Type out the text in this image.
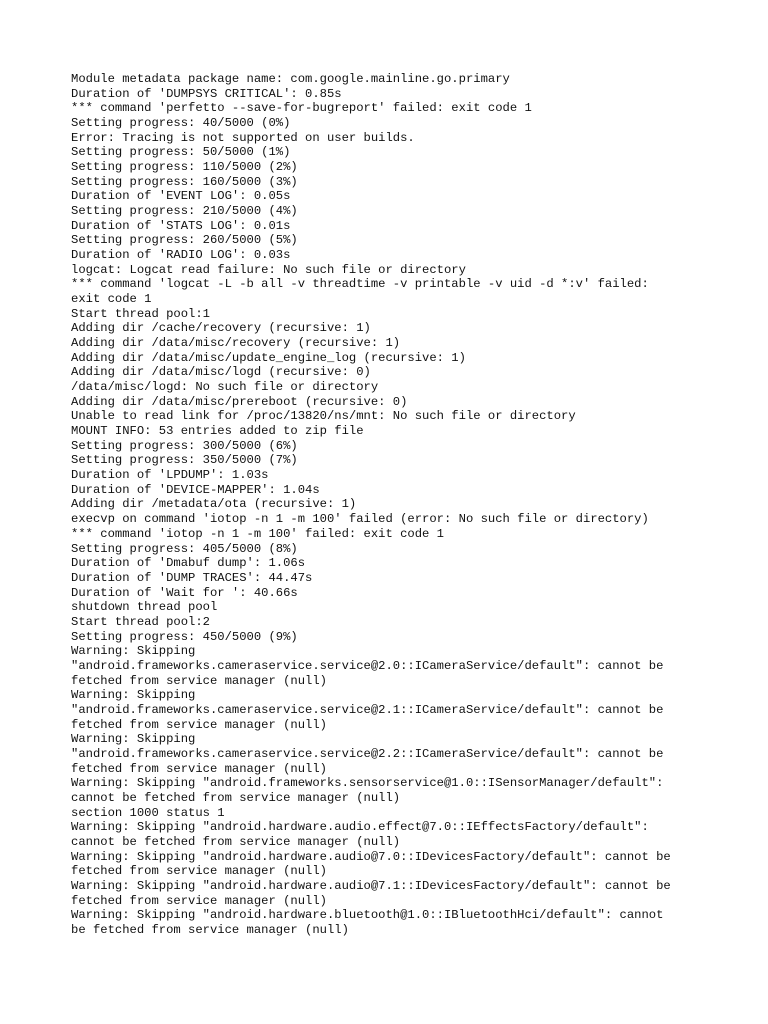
Module metadata package name: com.google.mainline.go.primary
Duration of 'DUMPSYS CRITICAL': 0.85s
*** command 'perfetto --save-for-bugreport' failed: exit code 1
Setting progress: 40/5000 (0%)
Error: Tracing is not supported on user builds.
Setting progress: 50/5000 (1%)
Setting progress: 110/5000 (2%)
Setting progress: 160/5000 (3%)
Duration of 'EVENT LOG': 0.05s
Setting progress: 210/5000 (4%)
Duration of 'STATS LOG': 0.01s
Setting progress: 260/5000 (5%)
Duration of 'RADIO LOG': 0.03s
logcat: Logcat read failure: No such file or directory
*** command 'logcat -L -b all -v threadtime -v printable -v uid -d *:v' failed:
exit code 1
Start thread pool:1
Adding dir /cache/recovery (recursive: 1)
Adding dir /data/misc/recovery (recursive: 1)
Adding dir /data/misc/update_engine_log (recursive: 1)
Adding dir /data/misc/logd (recursive: 0)
/data/misc/logd: No such file or directory
Adding dir /data/misc/prereboot (recursive: 0)
Unable to read link for /proc/13820/ns/mnt: No such file or directory
MOUNT INFO: 53 entries added to zip file
Setting progress: 300/5000 (6%)
Setting progress: 350/5000 (7%)
Duration of 'LPDUMP': 1.03s
Duration of 'DEVICE-MAPPER': 1.04s
Adding dir /metadata/ota (recursive: 1)
execvp on command 'iotop -n 1 -m 100' failed (error: No such file or directory)
*** command 'iotop -n 1 -m 100' failed: exit code 1
Setting progress: 405/5000 (8%)
Duration of 'Dmabuf dump': 1.06s
Duration of 'DUMP TRACES': 44.47s
Duration of 'Wait for ': 40.66s
shutdown thread pool
Start thread pool:2
Setting progress: 450/5000 (9%)
Warning: Skipping
"android.frameworks.cameraservice.service@2.0::ICameraService/default": cannot be
fetched from service manager (null)
Warning: Skipping
"android.frameworks.cameraservice.service@2.1::ICameraService/default": cannot be
fetched from service manager (null)
Warning: Skipping
"android.frameworks.cameraservice.service@2.2::ICameraService/default": cannot be
fetched from service manager (null)
Warning: Skipping "android.frameworks.sensorservice@1.0::ISensorManager/default":
cannot be fetched from service manager (null)
section 1000 status 1
Warning: Skipping "android.hardware.audio.effect@7.0::IEffectsFactory/default":
cannot be fetched from service manager (null)
Warning: Skipping "android.hardware.audio@7.0::IDevicesFactory/default": cannot be
fetched from service manager (null)
Warning: Skipping "android.hardware.audio@7.1::IDevicesFactory/default": cannot be
fetched from service manager (null)
Warning: Skipping "android.hardware.bluetooth@1.0::IBluetoothHci/default": cannot
be fetched from service manager (null)
